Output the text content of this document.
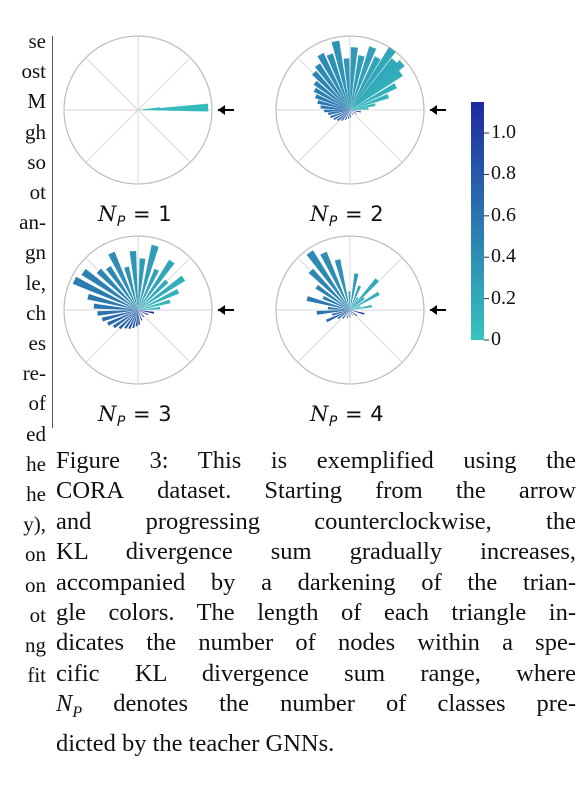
se
ost
M
gh
so
ot
an-
gn
le,
ch
es
re-
of
ed
he
he
y),
on
on
ot
ng
fit
$N_P = 1$	$N_P = 2$
$N_P = 3$	$N_P = 4$
1.0
0.8
0.6
0.4
0.2
0
Figure 3: This is exemplified using the
CORA dataset. Starting from the arrow
and progressing counterclockwise, the
KL divergence sum gradually increases,
accompanied by a darkening of the trian-
gle colors. The length of each triangle in-
dicates the number of nodes within a spe-
cific KL divergence sum range, where
$N_P$ denotes the number of classes pre-
dicted by the teacher GNNs.
